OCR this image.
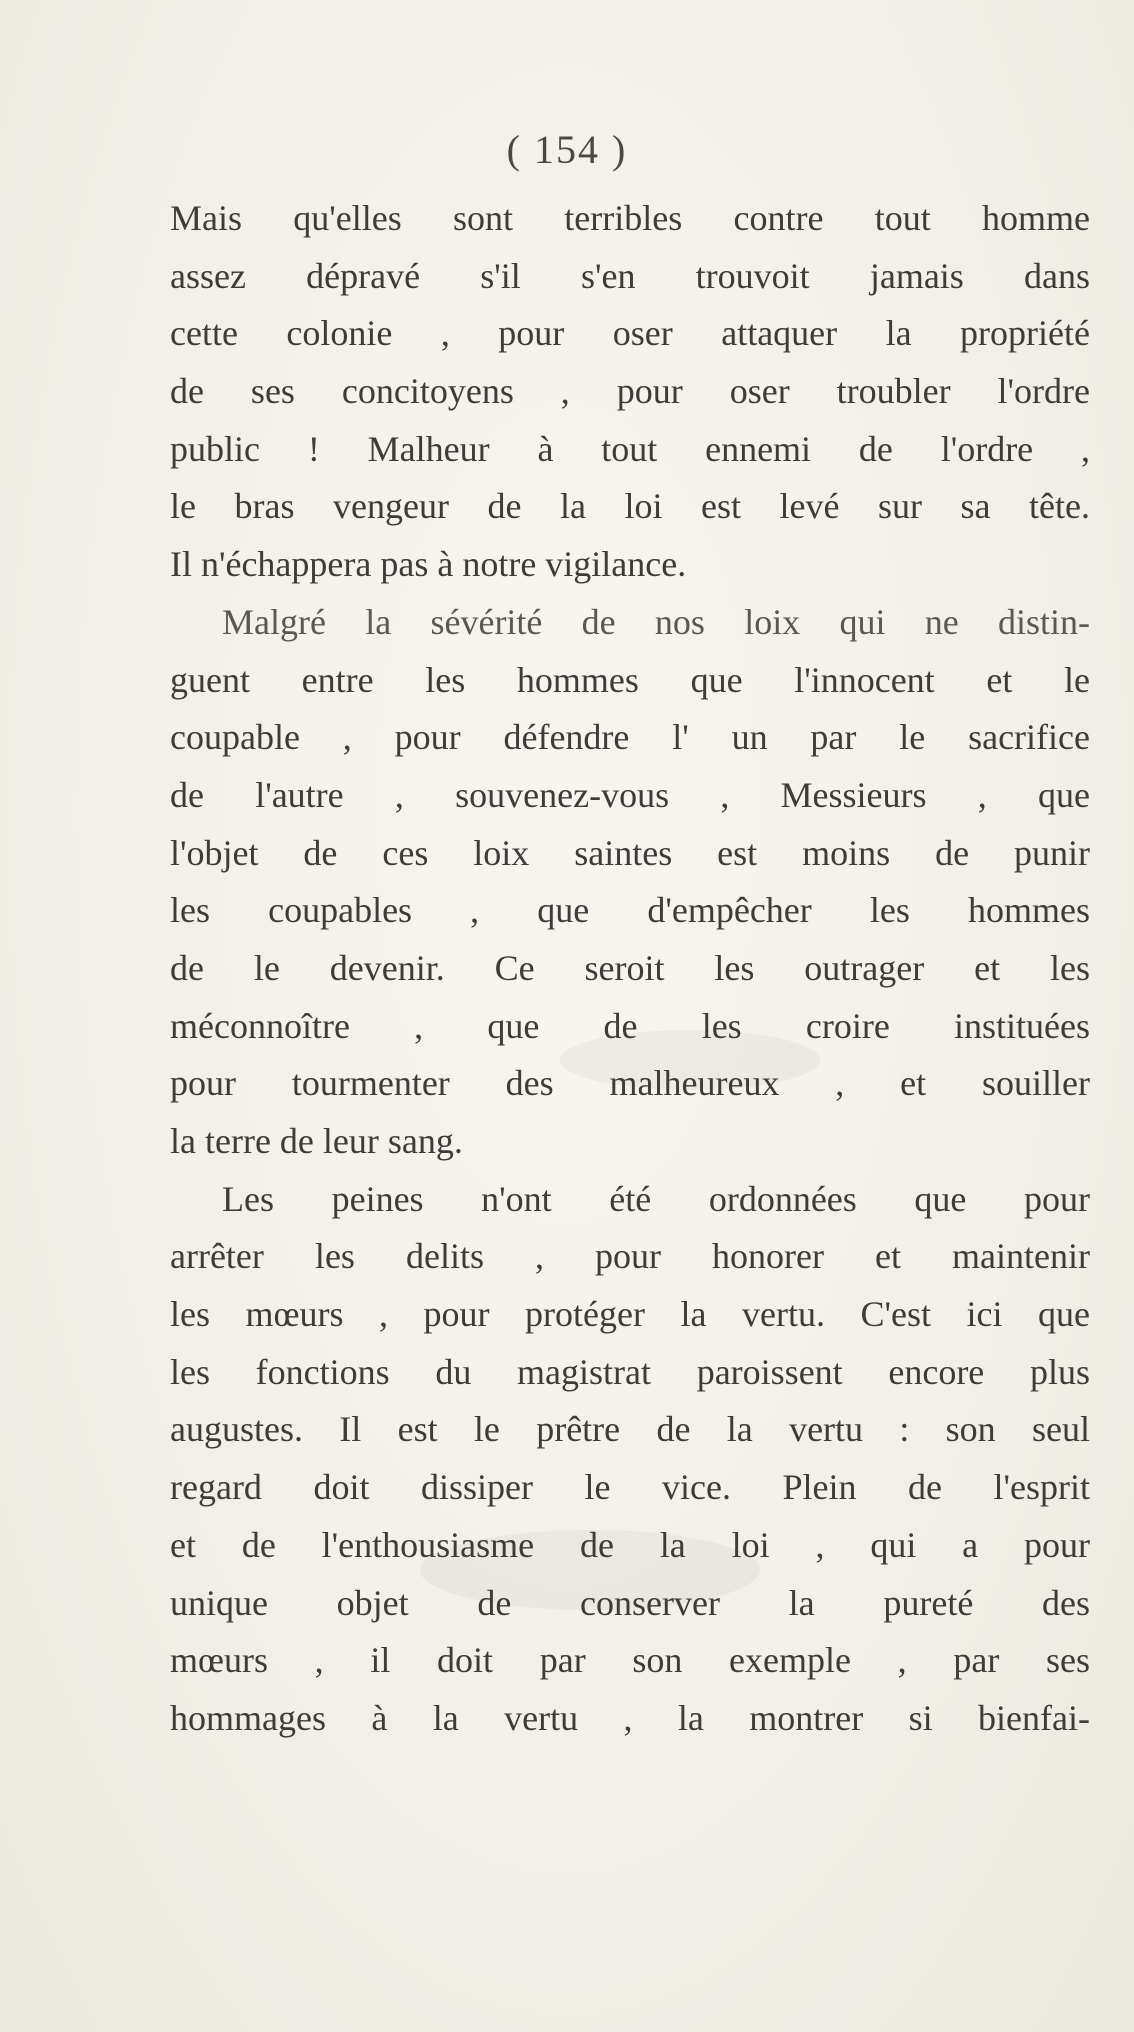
( 154 )
Mais qu'elles sont terribles contre tout homme
assez dépravé s'il s'en trouvoit jamais dans
cette colonie , pour oser attaquer la propriété
de ses concitoyens , pour oser troubler l'ordre
public ! Malheur à tout ennemi de l'ordre ,
le bras vengeur de la loi est levé sur sa tête.
Il n'échappera pas à notre vigilance.
Malgré la sévérité de nos loix qui ne distin-
guent entre les hommes que l'innocent et le
coupable , pour défendre l' un par le sacrifice
de l'autre , souvenez-vous , Messieurs , que
l'objet de ces loix saintes est moins de punir
les coupables , que d'empêcher les hommes
de le devenir. Ce seroit les outrager et les
méconnoître , que de les croire instituées
pour tourmenter des malheureux , et souiller
la terre de leur sang.
Les peines n'ont été ordonnées que pour
arrêter les delits , pour honorer et maintenir
les mœurs , pour protéger la vertu. C'est ici que
les fonctions du magistrat paroissent encore plus
augustes. Il est le prêtre de la vertu : son seul
regard doit dissiper le vice. Plein de l'esprit
et de l'enthousiasme de la loi , qui a pour
unique objet de conserver la pureté des
mœurs , il doit par son exemple , par ses
hommages à la vertu , la montrer si bienfai-
